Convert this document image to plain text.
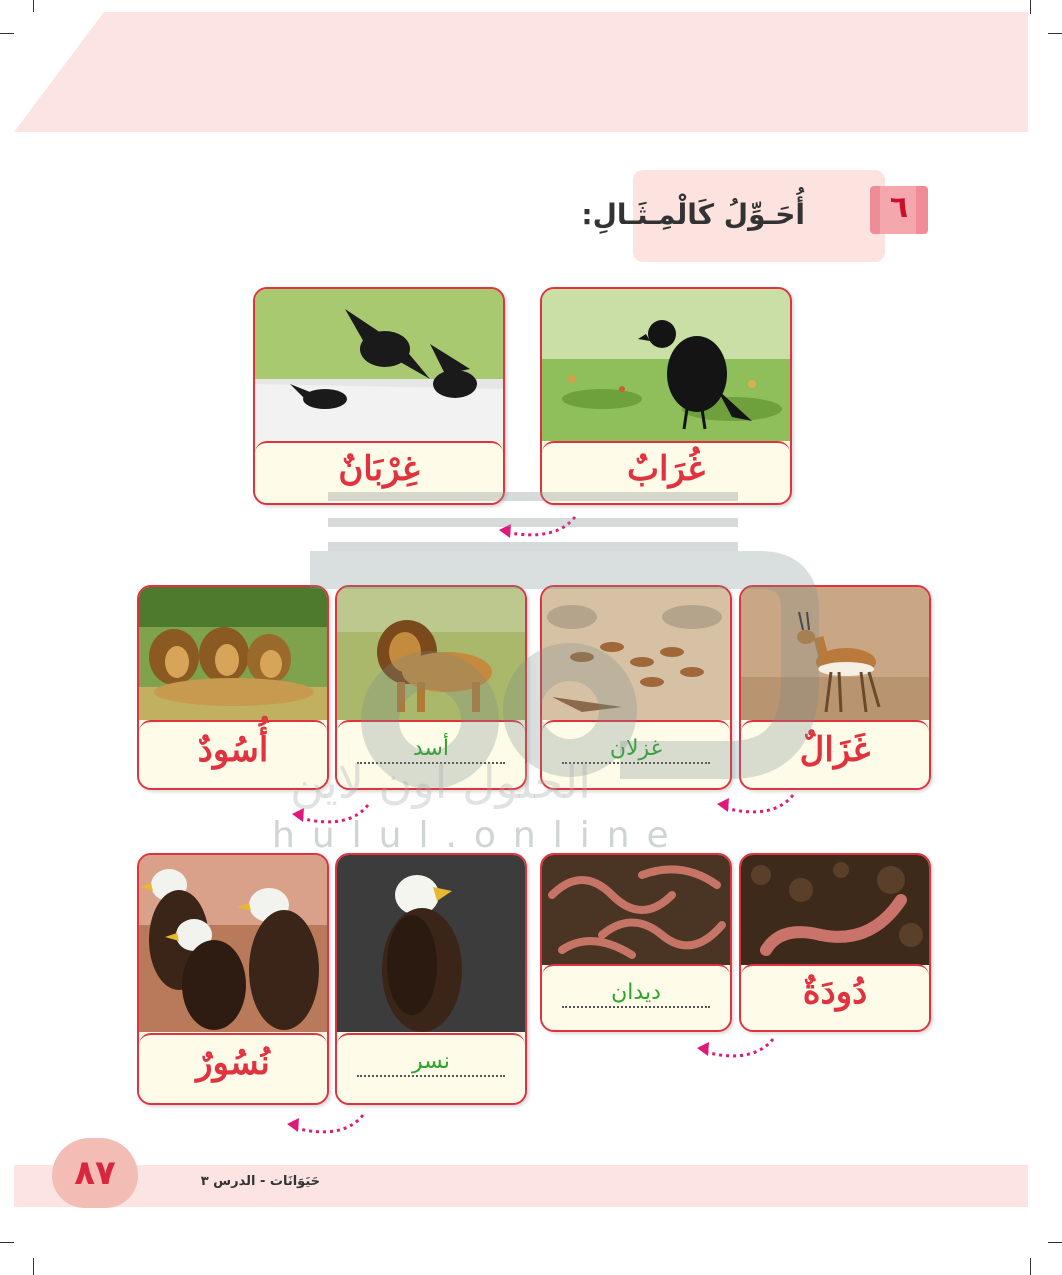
أُحَـوِّلُ كَالْمِـثَـالِ:	٦
غُرَابٌ
غِرْبَانٌ
غَزَالٌ
غزلان
أسد
أُسُودٌ
دُودَةٌ
ديدان
نسر
نُسُورٌ
الحلول اون لاين
hulul.online
٨٧	حَيَوَانَات - الدرس ٣
